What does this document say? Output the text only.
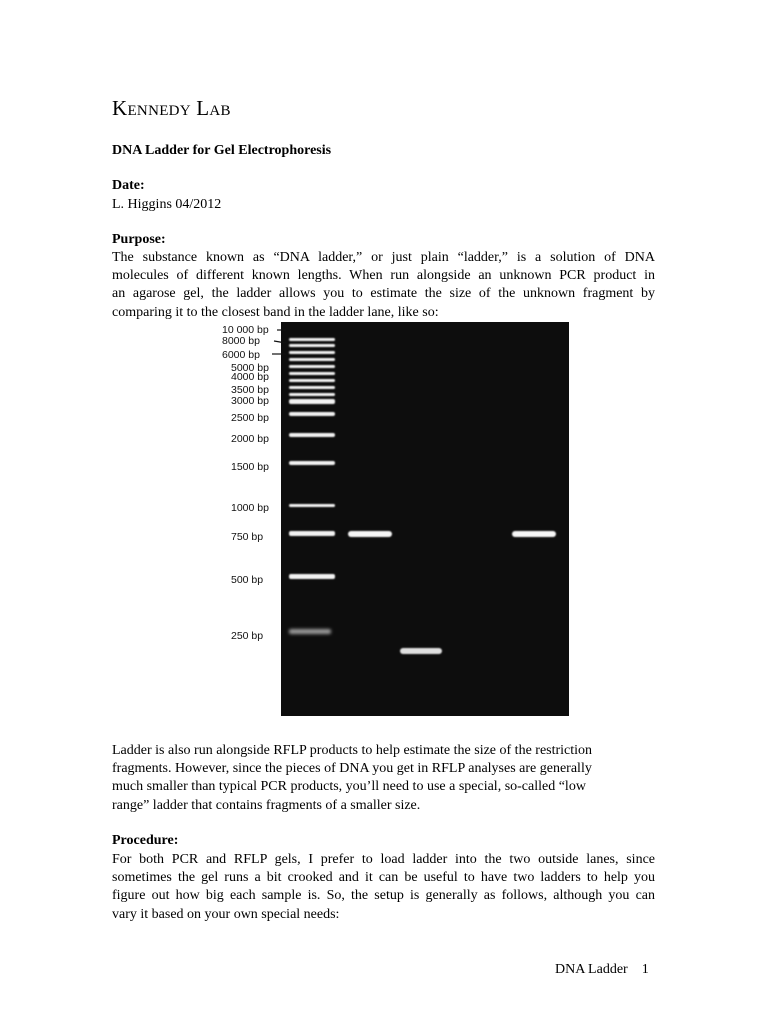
KENNEDY LAB
DNA Ladder for Gel Electrophoresis
Date:
L. Higgins 04/2012
Purpose:
The substance known as “DNA ladder,” or just plain “ladder,” is a solution of DNA
molecules of different known lengths. When run alongside an unknown PCR product in
an agarose gel, the ladder allows you to estimate the size of the unknown fragment by
comparing it to the closest band in the ladder lane, like so:
10 000 bp
8000 bp
6000 bp
5000 bp
4000 bp
3500 bp
3000 bp
2500 bp
2000 bp
1500 bp
1000 bp
750 bp
500 bp
250 bp
Ladder is also run alongside RFLP products to help estimate the size of the restriction
fragments. However, since the pieces of DNA you get in RFLP analyses are generally
much smaller than typical PCR products, you’ll need to use a special, so-called “low
range” ladder that contains fragments of a smaller size.
Procedure:
For both PCR and RFLP gels, I prefer to load ladder into the two outside lanes, since
sometimes the gel runs a bit crooked and it can be useful to have two ladders to help you
figure out how big each sample is. So, the setup is generally as follows, although you can
vary it based on your own special needs:
DNA Ladder 1
